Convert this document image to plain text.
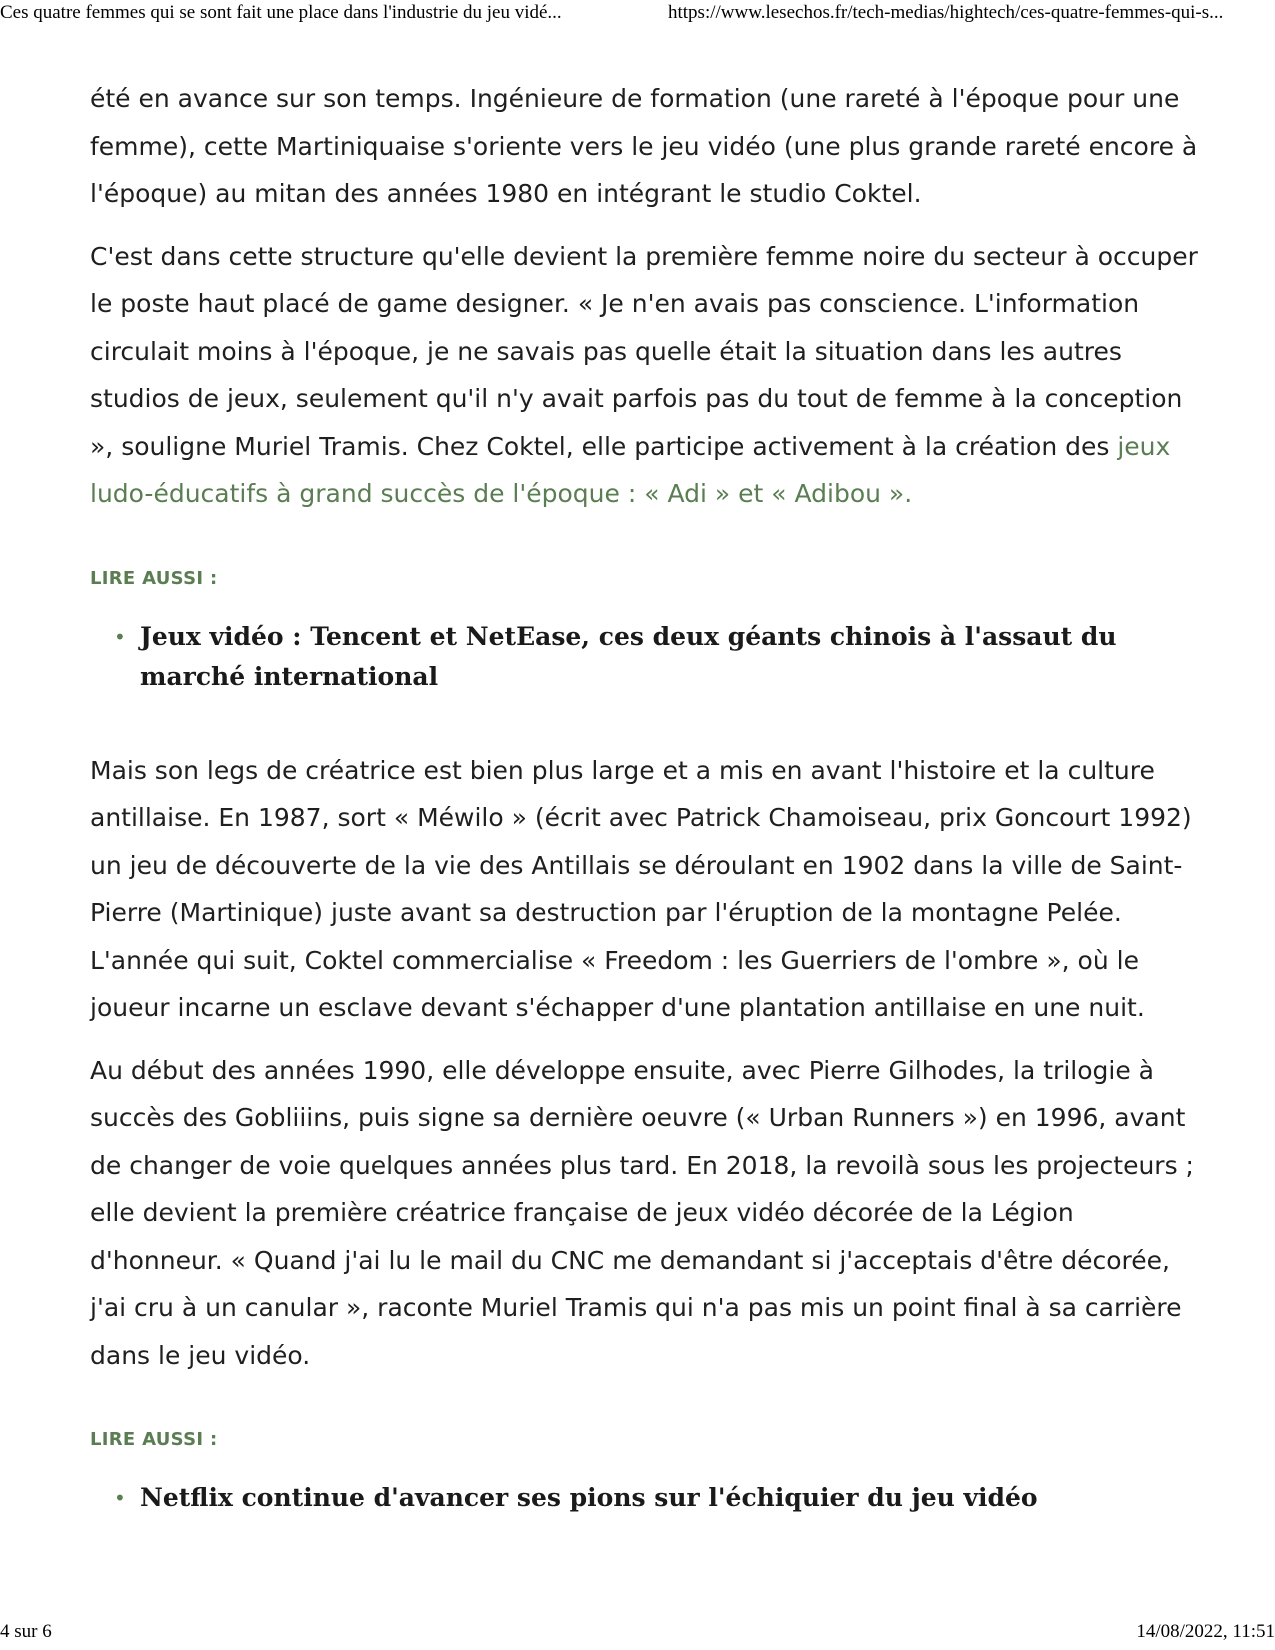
Ces quatre femmes qui se sont fait une place dans l'industrie du jeu vidé...	https://www.lesechos.fr/tech-medias/hightech/ces-quatre-femmes-qui-s...

été en avance sur son temps. Ingénieure de formation (une rareté à l'époque pour une femme), cette Martiniquaise s'oriente vers le jeu vidéo (une plus grande rareté encore à l'époque) au mitan des années 1980 en intégrant le studio Coktel.

C'est dans cette structure qu'elle devient la première femme noire du secteur à occuper le poste haut placé de game designer. « Je n'en avais pas conscience. L'information circulait moins à l'époque, je ne savais pas quelle était la situation dans les autres studios de jeux, seulement qu'il n'y avait parfois pas du tout de femme à la conception », souligne Muriel Tramis. Chez Coktel, elle participe activement à la création des jeux ludo-éducatifs à grand succès de l'époque : « Adi » et « Adibou ».

LIRE AUSSI :
• Jeux vidéo : Tencent et NetEase, ces deux géants chinois à l'assaut du marché international

Mais son legs de créatrice est bien plus large et a mis en avant l'histoire et la culture antillaise. En 1987, sort « Méwilo » (écrit avec Patrick Chamoiseau, prix Goncourt 1992) un jeu de découverte de la vie des Antillais se déroulant en 1902 dans la ville de Saint-Pierre (Martinique) juste avant sa destruction par l'éruption de la montagne Pelée. L'année qui suit, Coktel commercialise « Freedom : les Guerriers de l'ombre », où le joueur incarne un esclave devant s'échapper d'une plantation antillaise en une nuit.

Au début des années 1990, elle développe ensuite, avec Pierre Gilhodes, la trilogie à succès des Gobliiins, puis signe sa dernière oeuvre (« Urban Runners ») en 1996, avant de changer de voie quelques années plus tard. En 2018, la revoilà sous les projecteurs ; elle devient la première créatrice française de jeux vidéo décorée de la Légion d'honneur. « Quand j'ai lu le mail du CNC me demandant si j'acceptais d'être décorée, j'ai cru à un canular », raconte Muriel Tramis qui n'a pas mis un point final à sa carrière dans le jeu vidéo.

LIRE AUSSI :
• Netflix continue d'avancer ses pions sur l'échiquier du jeu vidéo
4 sur 6	14/08/2022, 11:51
